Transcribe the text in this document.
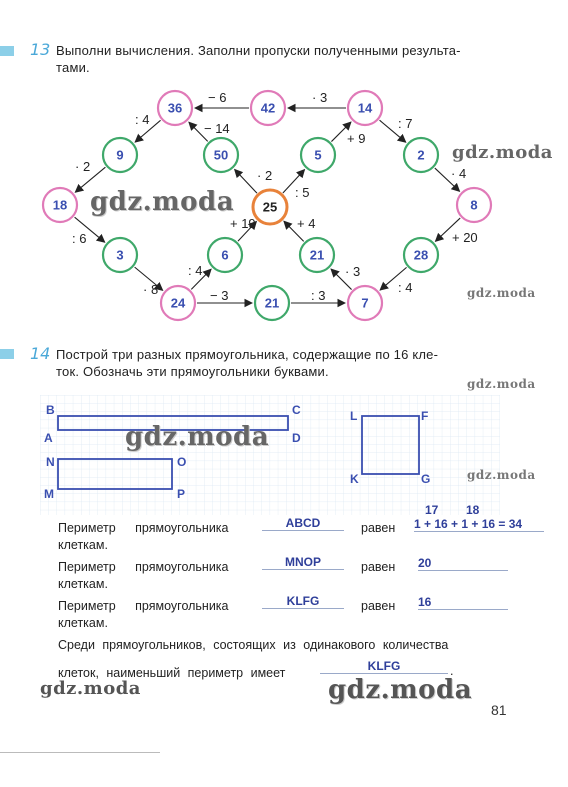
13 Выполни вычисления. Заполни пропуски полученными результа-
тами.
36	42	14
9	50	5	2
18	25	8
3	6	21	28
24	21	7
− 6	· 3
: 4
− 14
+ 9
: 7
· 2
· 2
: 5
· 4
: 6
+ 19	+ 4
+ 20
: 4
· 3
· 8	− 3	: 3
: 4
gdz.moda
gdz.moda
gdz.moda
14 Построй три разных прямоугольника, содержащие по 16 кле-
ток. Обозначь эти прямоугольники буквами.
gdz.moda
B	C
A	D
N	O
M	P
L	F
K	G
gdz.moda
gdz.moda
17 18
Периметр прямоугольника	ABCD	равен 1 + 16 + 1 + 16 = 34
клеткам.
Периметр прямоугольника	MNOP	равен 20
клеткам.
Периметр прямоугольника	KLFG	равен 16
клеткам.
Среди прямоугольников, состоящих из одинакового количества
клеток, наименьший периметр имеет	KLFG	.
gdz.moda	gdz.moda
81
